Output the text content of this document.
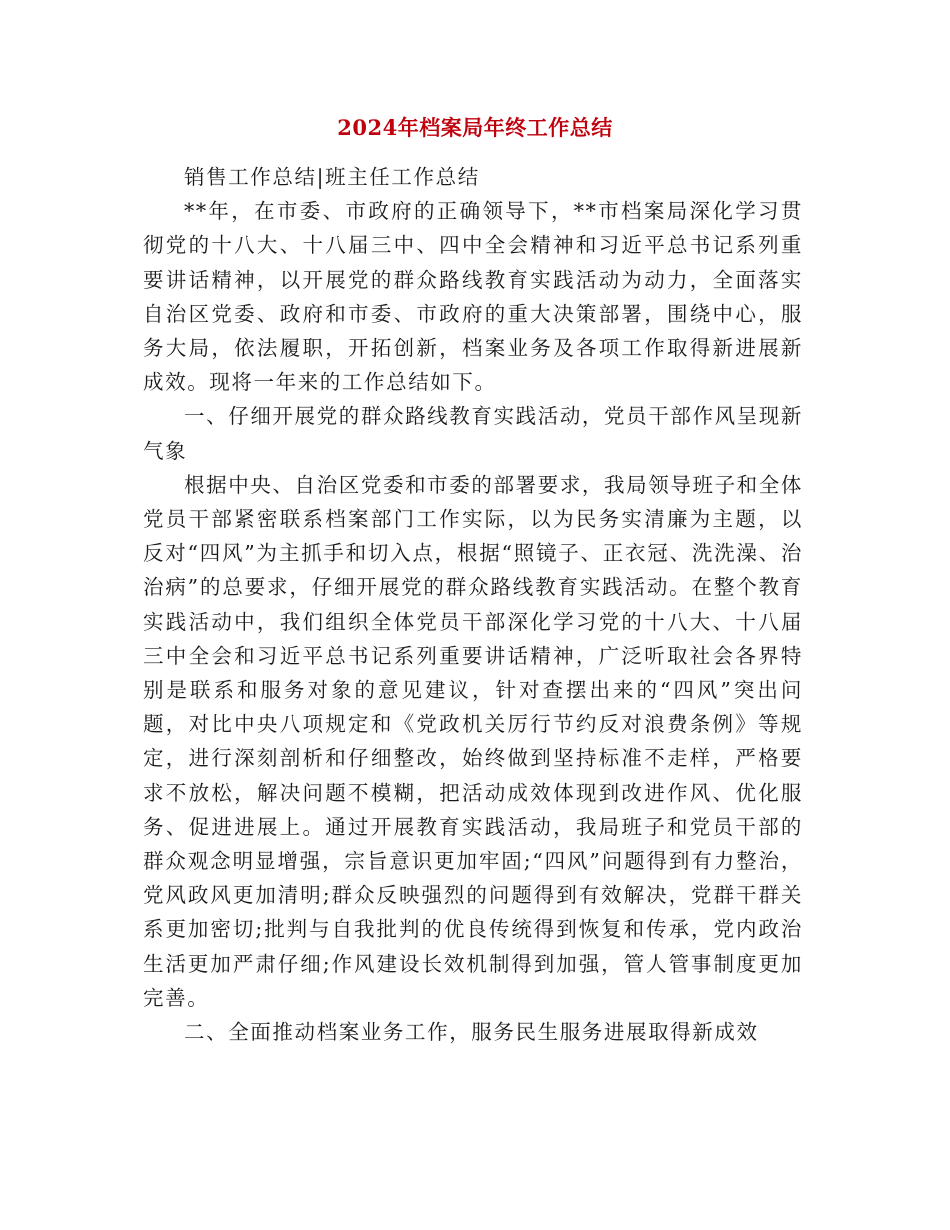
2024年档案局年终工作总结

销售工作总结|班主任工作总结

**年，在市委、市政府的正确领导下，**市档案局深化学习贯彻党的十八大、十八届三中、四中全会精神和习近平总书记系列重要讲话精神，以开展党的群众路线教育实践活动为动力，全面落实自治区党委、政府和市委、市政府的重大决策部署，围绕中心，服务大局，依法履职，开拓创新，档案业务及各项工作取得新进展新成效。现将一年来的工作总结如下。

一、仔细开展党的群众路线教育实践活动，党员干部作风呈现新气象

根据中央、自治区党委和市委的部署要求，我局领导班子和全体党员干部紧密联系档案部门工作实际，以为民务实清廉为主题，以反对“四风”为主抓手和切入点，根据“照镜子、正衣冠、洗洗澡、治治病”的总要求，仔细开展党的群众路线教育实践活动。在整个教育实践活动中，我们组织全体党员干部深化学习党的十八大、十八届三中全会和习近平总书记系列重要讲话精神，广泛听取社会各界特别是联系和服务对象的意见建议，针对查摆出来的“四风”突出问题，对比中央八项规定和《党政机关厉行节约反对浪费条例》等规定，进行深刻剖析和仔细整改，始终做到坚持标准不走样，严格要求不放松，解决问题不模糊，把活动成效体现到改进作风、优化服务、促进进展上。通过开展教育实践活动，我局班子和党员干部的群众观念明显增强，宗旨意识更加牢固;“四风”问题得到有力整治，党风政风更加清明;群众反映强烈的问题得到有效解决，党群干群关系更加密切;批判与自我批判的优良传统得到恢复和传承，党内政治生活更加严肃仔细;作风建设长效机制得到加强，管人管事制度更加完善。

二、全面推动档案业务工作，服务民生服务进展取得新成效
